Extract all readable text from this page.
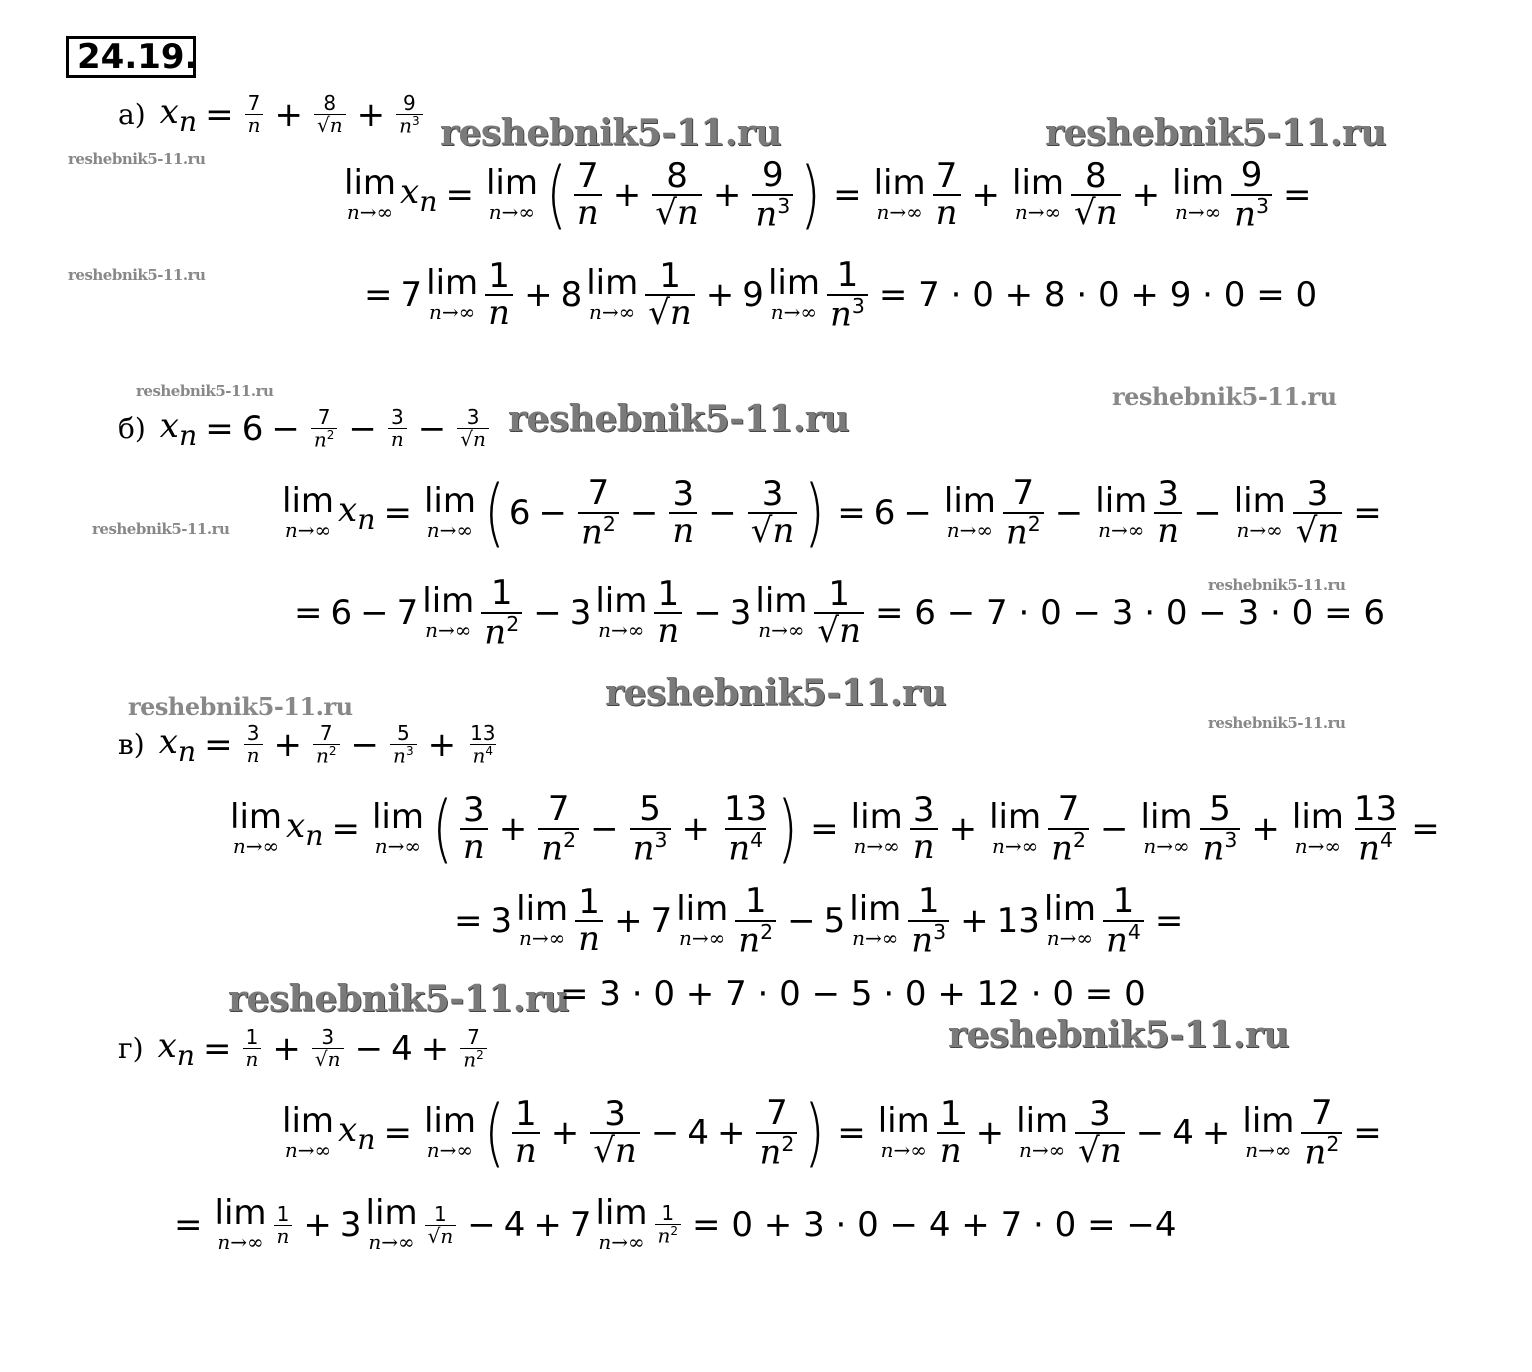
24.19.
reshebnik5-11.ru	reshebnik5-11.ru
reshebnik5-11.ru
reshebnik5-11.ru
reshebnik5-11.ru	reshebnik5-11.ru
reshebnik5-11.ru
reshebnik5-11.ru
reshebnik5-11.ru
reshebnik5-11.ru
reshebnik5-11.ru
reshebnik5-11.ru
reshebnik5-11.ru
reshebnik5-11.ru
а) $x_n = \frac{7}{n} + \frac{8}{√n} + \frac{9}{n^3}$
lim
n→∞ $x_n = \lim$
n→∞ ( $\frac{7}{n} + \frac{8}{√n} + \frac{9}{n^3}$ ) = lim
$n\to\infty \frac{7}{n} + \lim$
$n\to\infty \frac{8}{√n} + \lim$
$n\to\infty \frac{9}{n^3}$ =
= 7 lim
$n\to\infty \frac{1}{n} + 8$ lim
$n\to\infty \frac{1}{√n} + 9$ lim
$n\to\infty \frac{1}{n^3} = 7 \cdot 0 + 8 \cdot 0 + 9 \cdot 0 = 0$
б) $x_n = 6 - \frac{7}{n^2} - \frac{3}{n} - \frac{3}{√n}$
lim
n→∞ $x_n = \lim$
n→∞ ( $6 - \frac{7}{n^2} - \frac{3}{n} - \frac{3}{√n}$ ) = 6 − lim
$n\to\infty \frac{7}{n^2} - \lim$
$n\to\infty \frac{3}{n} - \lim$
$n\to\infty \frac{3}{√n}$ =
= 6 − 7 lim
$n\to\infty \frac{1}{n^2} - 3$ lim
$n\to\infty \frac{1}{n} - 3$ lim
$n\to\infty \frac{1}{√n} = 6 - 7 \cdot 0 - 3 \cdot 0 - 3 \cdot 0 = 6$
в) $x_n = \frac{3}{n} + \frac{7}{n^2} - \frac{5}{n^3} + \frac{13}{n^4}$
lim
n→∞ $x_n = \lim$
n→∞ ( $\frac{3}{n} + \frac{7}{n^2} - \frac{5}{n^3} + \frac{13}{n^4}$ ) = lim
$n\to\infty \frac{3}{n} + \lim$
$n\to\infty \frac{7}{n^2} - \lim$
$n\to\infty \frac{5}{n^3} + \lim$
$n\to\infty \frac{13}{n^4}$ =
= 3 lim
$n\to\infty \frac{1}{n} + 7$ lim
$n\to\infty \frac{1}{n^2} - 5$ lim
$n\to\infty \frac{1}{n^3} + 13$ lim
$n\to\infty \frac{1}{n^4}$ =
= 3 · 0 + 7 · 0 − 5 · 0 + 12 · 0 = 0
г) $x_n = \frac{1}{n} + \frac{3}{√n} - 4 + \frac{7}{n^2}$
lim
n→∞ $x_n = \lim$
n→∞ ( $\frac{1}{n} + \frac{3}{√n} - 4 + \frac{7}{n^2}$ ) = lim
$n\to\infty \frac{1}{n} + \lim$
$n\to\infty \frac{3}{√n} - 4 + \lim$
$n\to\infty \frac{7}{n^2}$ =
= lim
$n\to\infty \frac{1}{n} + 3$ lim
$n\to\infty \frac{1}{√n} - 4 + 7$ lim
$n\to\infty \frac{1}{n^2} = 0 + 3 \cdot 0 - 4 + 7 \cdot 0 = -4$
